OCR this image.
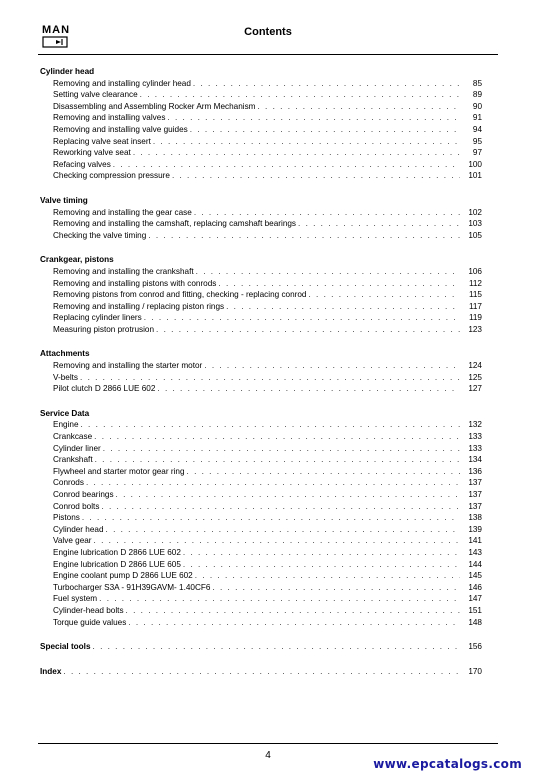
MAN	Contents
Cylinder head
Removing and installing cylinder head . . .	85
Setting valve clearance . . .	89
Disassembling and Assembling Rocker Arm Mechanism . . .	90
Removing and installing valves . . .	91
Removing and installing valve guides . . .	94
Replacing valve seat insert . . .	95
Reworking valve seat . . .	97
Refacing valves . . .	100
Checking compression pressure . . .	101
Valve timing
Removing and installing the gear case . . .	102
Removing and installing the camshaft, replacing camshaft bearings . . .	103
Checking the valve timing . . .	105
Crankgear, pistons
Removing and installing the crankshaft . . .	106
Removing and installing pistons with conrods . . .	112
Removing pistons from conrod and fitting, checking - replacing conrod . . .	115
Removing and installing / replacing piston rings . . .	117
Replacing cylinder liners . . .	119
Measuring piston protrusion . . .	123
Attachments
Removing and installing the starter motor . . .	124
V-belts . . .	125
Pilot clutch D 2866 LUE 602 . . .	127
Service Data
Engine . . .	132
Crankcase . . .	133
Cylinder liner . . .	133
Crankshaft . . .	134
Flywheel and starter motor gear ring . . .	136
Conrods . . .	137
Conrod bearings . . .	137
Conrod bolts . . .	137
Pistons . . .	138
Cylinder head . . .	139
Valve gear . . .	141
Engine lubrication D 2866 LUE 602 . . .	143
Engine lubrication D 2866 LUE 605 . . .	144
Engine coolant pump D 2866 LUE 602 . . .	145
Turbocharger S3A - 91H39GAVM- 1.40CF6 . . .	146
Fuel system . . .	147
Cylinder-head bolts . . .	151
Torque guide values . . .	148
Special tools . . .	156
Index . . .	170
4
www.epcatalogs.com
